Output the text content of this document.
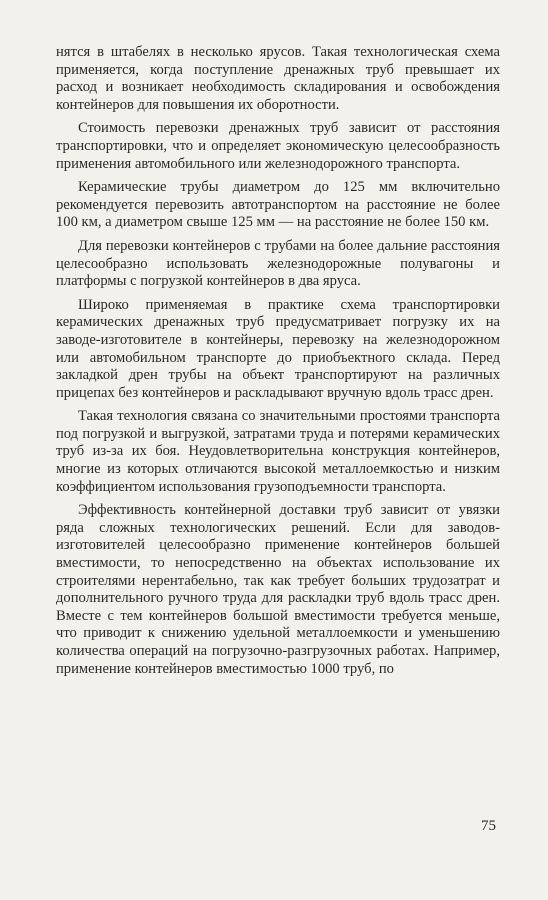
нятся в штабелях в несколько ярусов. Такая технологическая схема применяется, когда поступление дренажных труб превышает их расход и возникает необходимость складирования и освобождения контейнеров для повышения их оборотности.

Стоимость перевозки дренажных труб зависит от расстояния транспортировки, что и определяет экономическую целесообразность применения автомобильного или железнодорожного транспорта.

Керамические трубы диаметром до 125 мм включительно рекомендуется перевозить автотранспортом на расстояние не более 100 км, а диаметром свыше 125 мм — на расстояние не более 150 км.

Для перевозки контейнеров с трубами на более дальние расстояния целесообразно использовать железнодорожные полувагоны и платформы с погрузкой контейнеров в два яруса.

Широко применяемая в практике схема транспортировки керамических дренажных труб предусматривает погрузку их на заводе-изготовителе в контейнеры, перевозку на железнодорожном или автомобильном транспорте до приобъектного склада. Перед закладкой дрен трубы на объект транспортируют на различных прицепах без контейнеров и раскладывают вручную вдоль трасс дрен.

Такая технология связана со значительными простоями транспорта под погрузкой и выгрузкой, затратами труда и потерями керамических труб из-за их боя. Неудовлетворительна конструкция контейнеров, многие из которых отличаются высокой металлоемкостью и низким коэффициентом использования грузоподъемности транспорта.

Эффективность контейнерной доставки труб зависит от увязки ряда сложных технологических решений. Если для заводов-изготовителей целесообразно применение контейнеров большей вместимости, то непосредственно на объектах использование их строителями нерентабельно, так как требует больших трудозатрат и дополнительного ручного труда для раскладки труб вдоль трасс дрен. Вместе с тем контейнеров большой вместимости требуется меньше, что приводит к снижению удельной металлоемкости и уменьшению количества операций на погрузочно-разгрузочных работах. Например, применение контейнеров вместимостью 1000 труб, по

75
